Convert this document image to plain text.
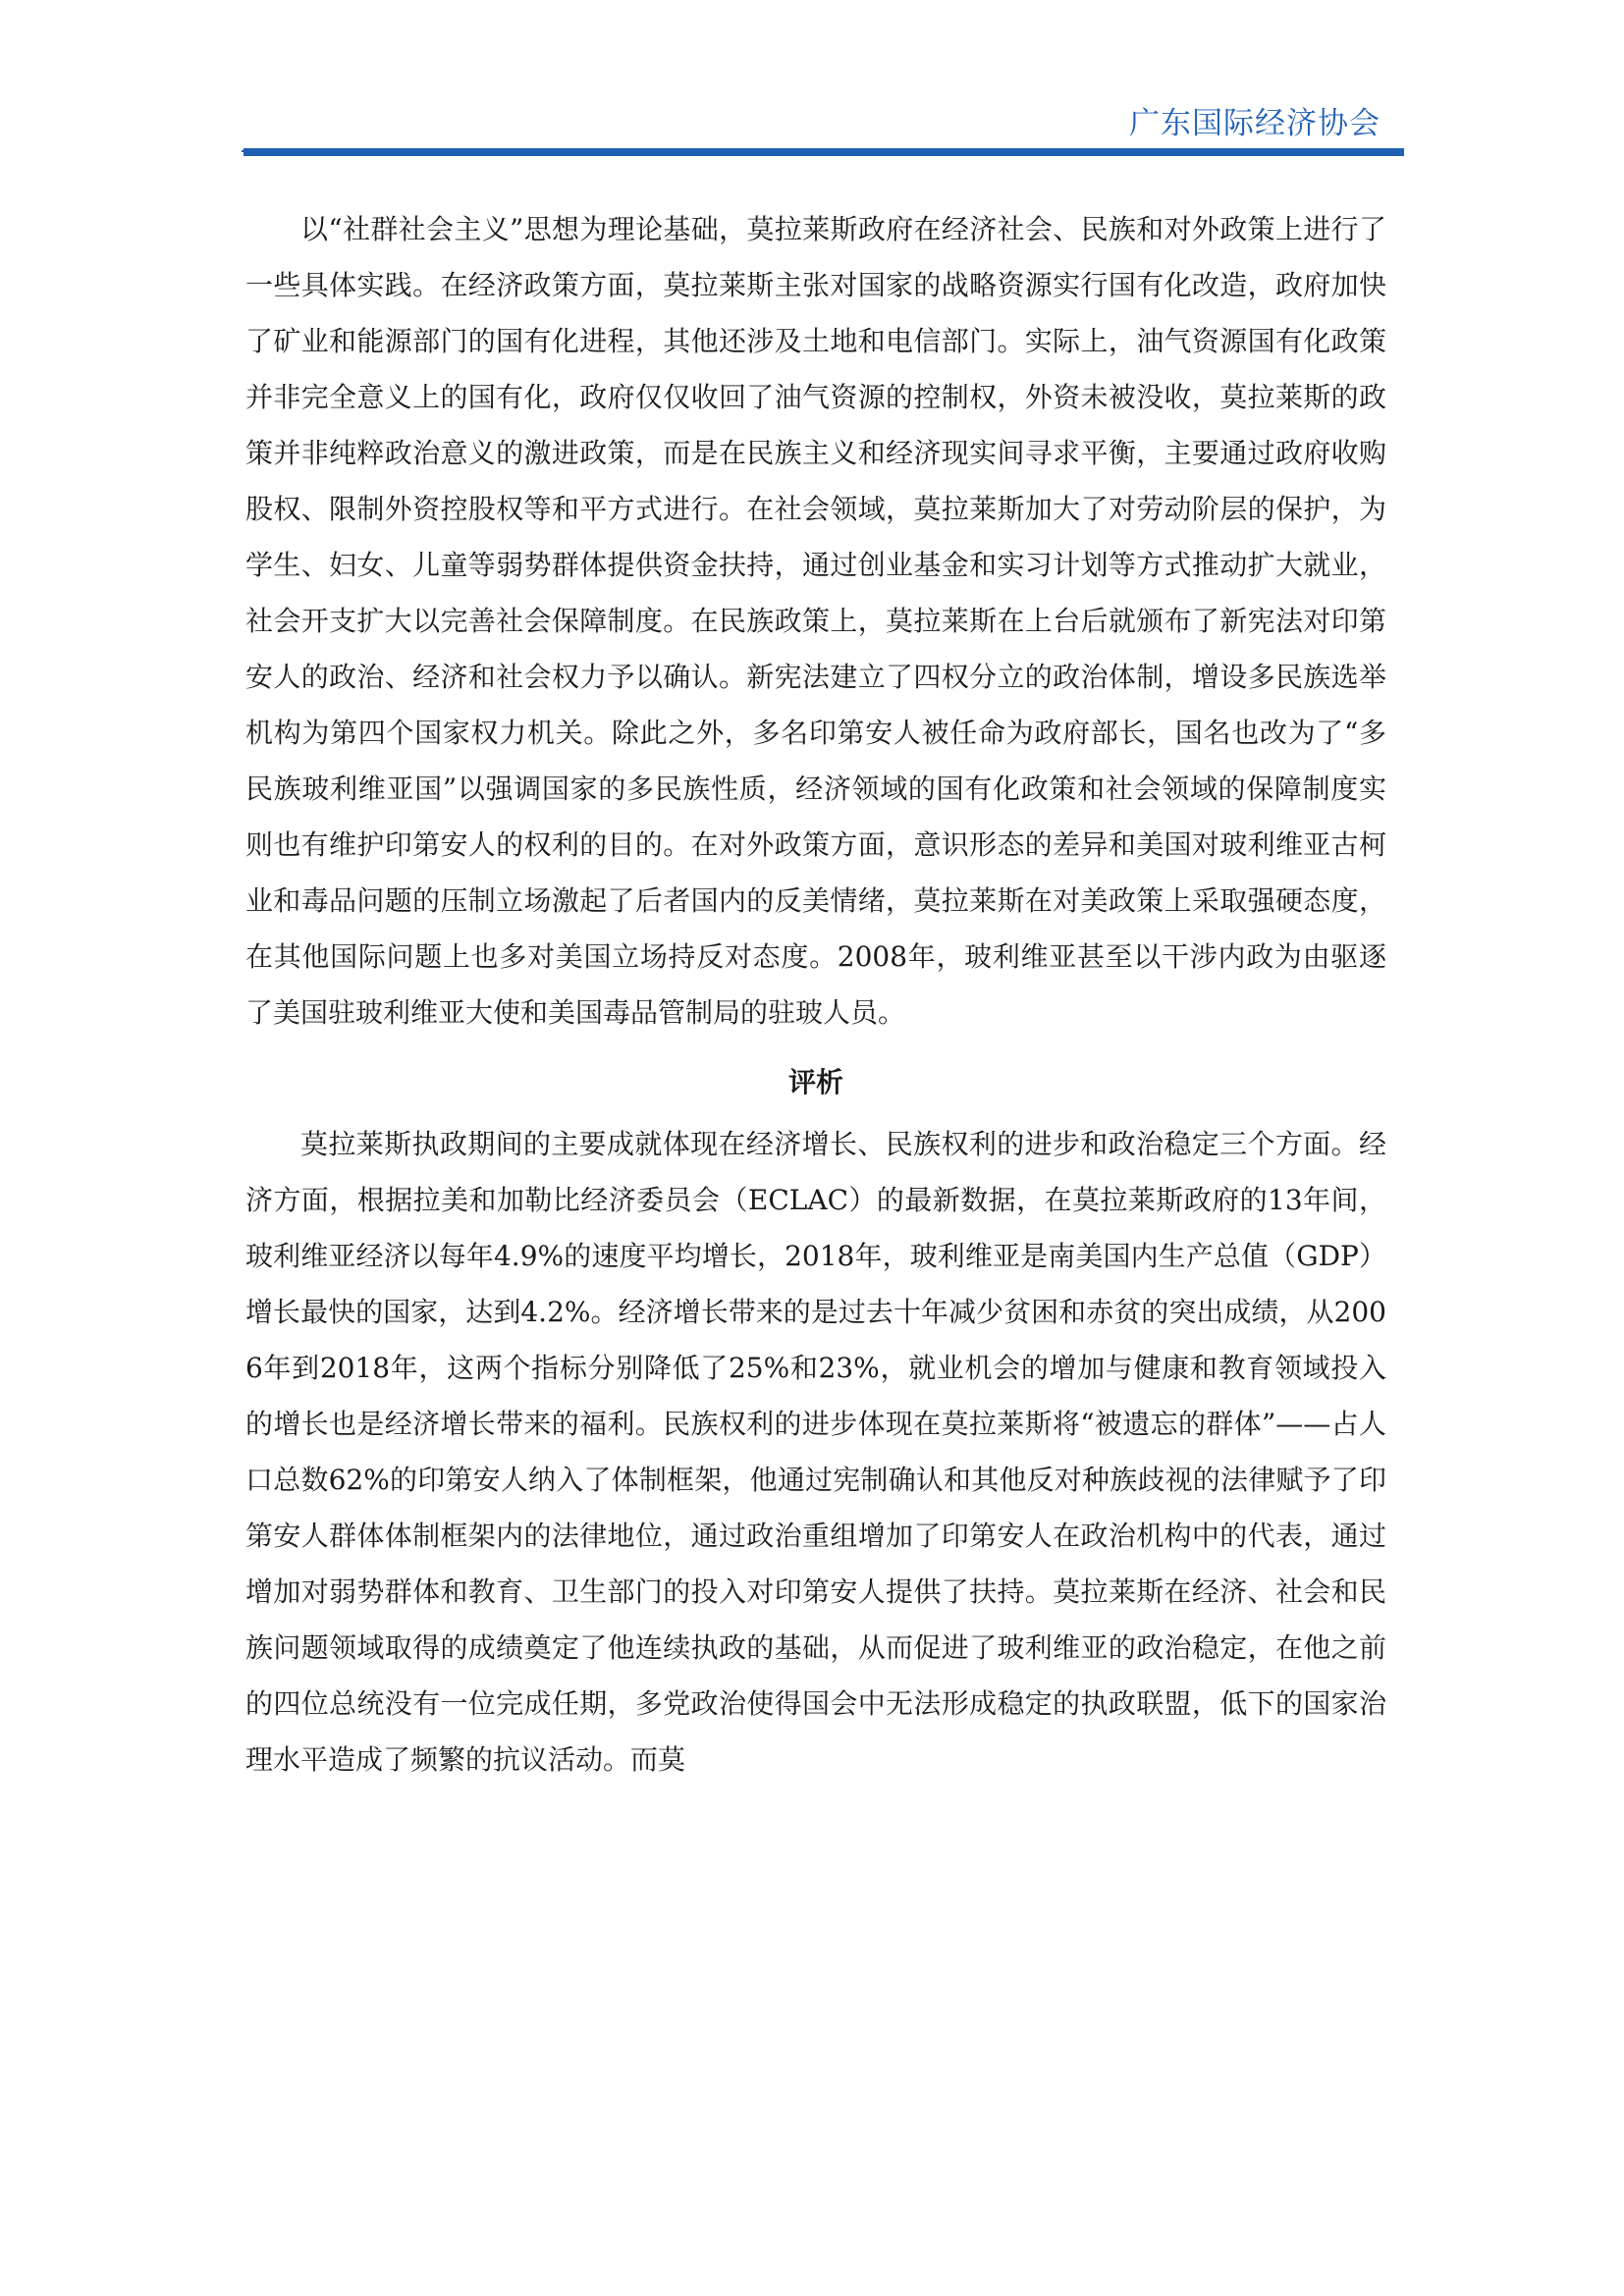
广东国际经济协会

以“社群社会主义”思想为理论基础，莫拉莱斯政府在经济社会、民族和对外政策上进行了一些具体实践。在经济政策方面，莫拉莱斯主张对国家的战略资源实行国有化改造，政府加快了矿业和能源部门的国有化进程，其他还涉及土地和电信部门。实际上，油气资源国有化政策并非完全意义上的国有化，政府仅仅收回了油气资源的控制权，外资未被没收，莫拉莱斯的政策并非纯粹政治意义的激进政策，而是在民族主义和经济现实间寻求平衡，主要通过政府收购股权、限制外资控股权等和平方式进行。在社会领域，莫拉莱斯加大了对劳动阶层的保护，为学生、妇女、儿童等弱势群体提供资金扶持，通过创业基金和实习计划等方式推动扩大就业，社会开支扩大以完善社会保障制度。在民族政策上，莫拉莱斯在上台后就颁布了新宪法对印第安人的政治、经济和社会权力予以确认。新宪法建立了四权分立的政治体制，增设多民族选举机构为第四个国家权力机关。除此之外，多名印第安人被任命为政府部长，国名也改为了“多民族玻利维亚国”以强调国家的多民族性质，经济领域的国有化政策和社会领域的保障制度实则也有维护印第安人的权利的目的。在对外政策方面，意识形态的差异和美国对玻利维亚古柯业和毒品问题的压制立场激起了后者国内的反美情绪，莫拉莱斯在对美政策上采取强硬态度，在其他国际问题上也多对美国立场持反对态度。2008年，玻利维亚甚至以干涉内政为由驱逐了美国驻玻利维亚大使和美国毒品管制局的驻玻人员。

评析

莫拉莱斯执政期间的主要成就体现在经济增长、民族权利的进步和政治稳定三个方面。经济方面，根据拉美和加勒比经济委员会（ECLAC）的最新数据，在莫拉莱斯政府的13年间，玻利维亚经济以每年4.9%的速度平均增长，2018年，玻利维亚是南美国内生产总值（GDP）增长最快的国家，达到4.2%。经济增长带来的是过去十年减少贫困和赤贫的突出成绩，从2006年到2018年，这两个指标分别降低了25%和23%，就业机会的增加与健康和教育领域投入的增长也是经济增长带来的福利。民族权利的进步体现在莫拉莱斯将“被遗忘的群体”——占人口总数62%的印第安人纳入了体制框架，他通过宪制确认和其他反对种族歧视的法律赋予了印第安人群体体制框架内的法律地位，通过政治重组增加了印第安人在政治机构中的代表，通过增加对弱势群体和教育、卫生部门的投入对印第安人提供了扶持。莫拉莱斯在经济、社会和民族问题领域取得的成绩奠定了他连续执政的基础，从而促进了玻利维亚的政治稳定，在他之前的四位总统没有一位完成任期，多党政治使得国会中无法形成稳定的执政联盟，低下的国家治理水平造成了频繁的抗议活动。而莫
